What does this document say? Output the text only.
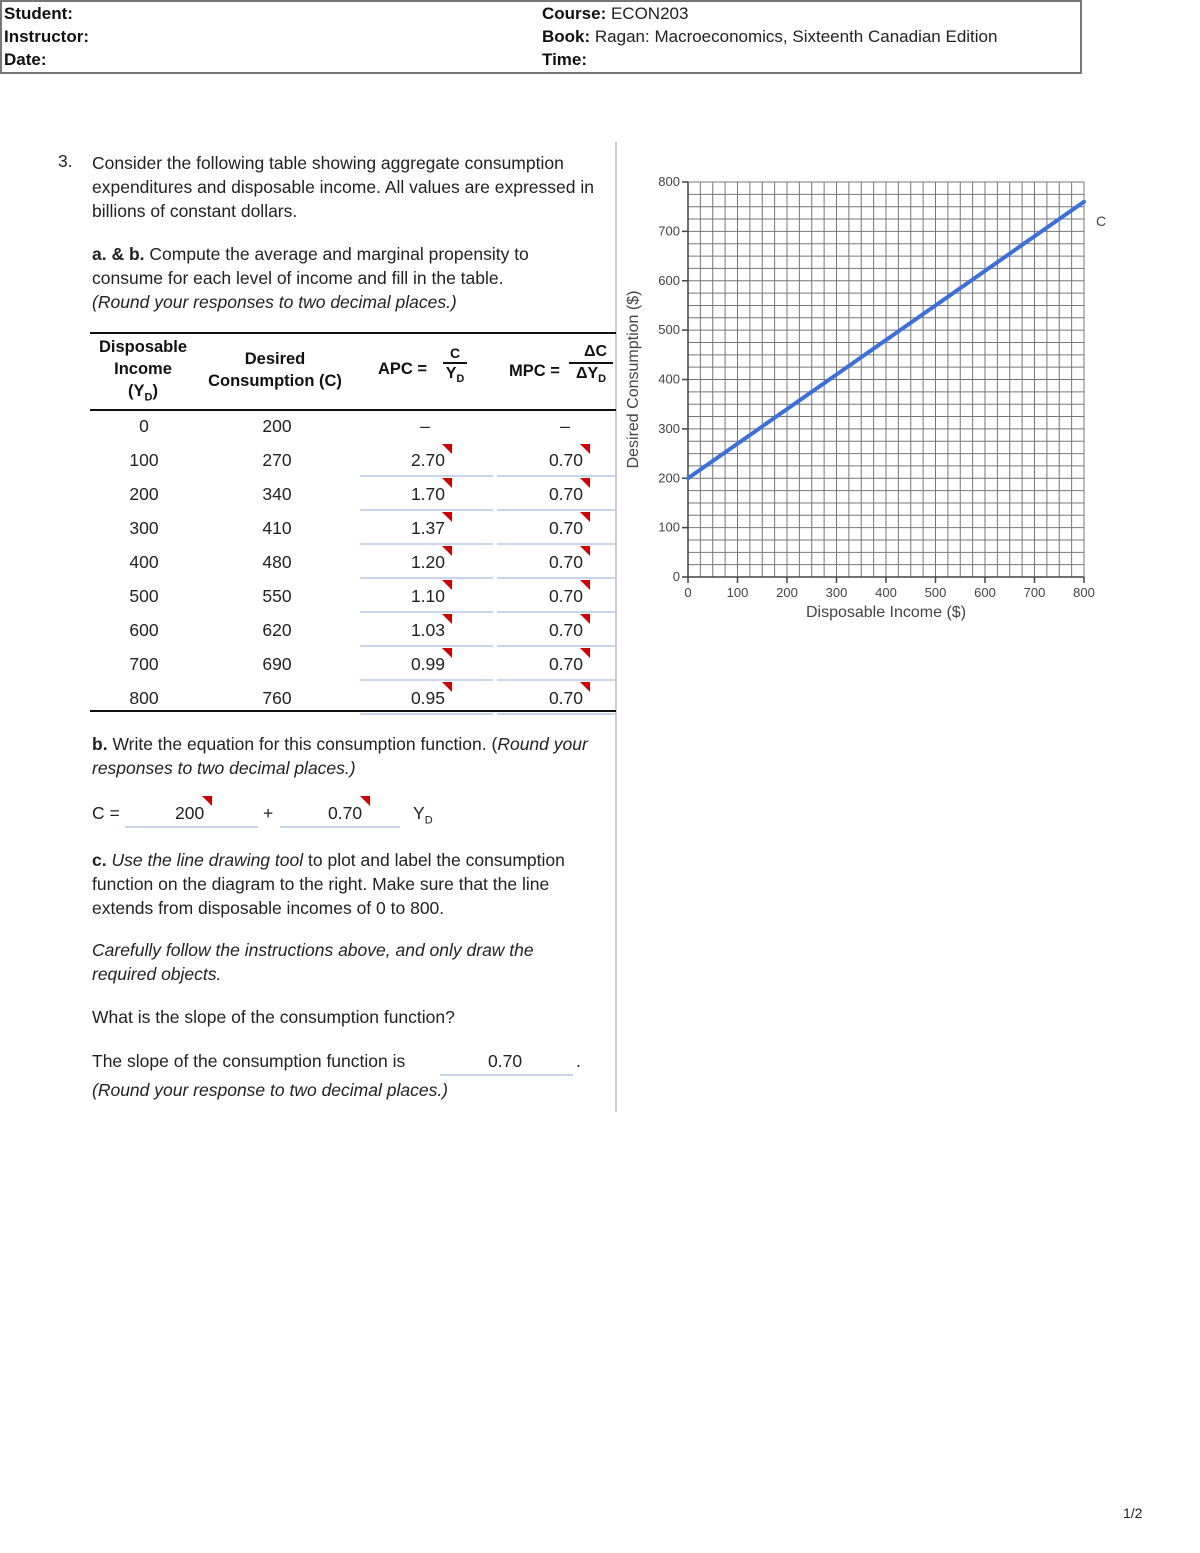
Student:
Instructor:
Date:
Course: ECON203
Book: Ragan: Macroeconomics, Sixteenth Canadian Edition
Time:
3. Consider the following table showing aggregate consumption expenditures and disposable income. All values are expressed in billions of constant dollars.
a. & b. Compute the average and marginal propensity to consume for each level of income and fill in the table.
(Round your responses to two decimal places.)
Disposable
Income
$(Y_D)$
Desired
Consumption (C)
APC =
C
$Y_D$	MPC =
ΔC
$\Delta Y_D$
0	200	–	–
100	270	2.70	0.70
200	340	1.70	0.70
300	410	1.37	0.70
400	480	1.20	0.70
500	550	1.10	0.70
600	620	1.03	0.70
700	690	0.99	0.70
800	760	0.95	0.70
b. Write the equation for this consumption function. (Round your responses to two decimal places.)
C =	200	+	0.70	$Y_D$
c. Use the line drawing tool to plot and label the consumption function on the diagram to the right. Make sure that the line extends from disposable incomes of 0 to 800.
Carefully follow the instructions above, and only draw the required objects.
What is the slope of the consumption function?
The slope of the consumption function is	0.70	.
(Round your response to two decimal places.)
0	100 200 300 400 500 600 700 800
0
100
200
300
400
500
600
700
800
Disposable Income ($)
Desired Consumption ($)
C
1/2
